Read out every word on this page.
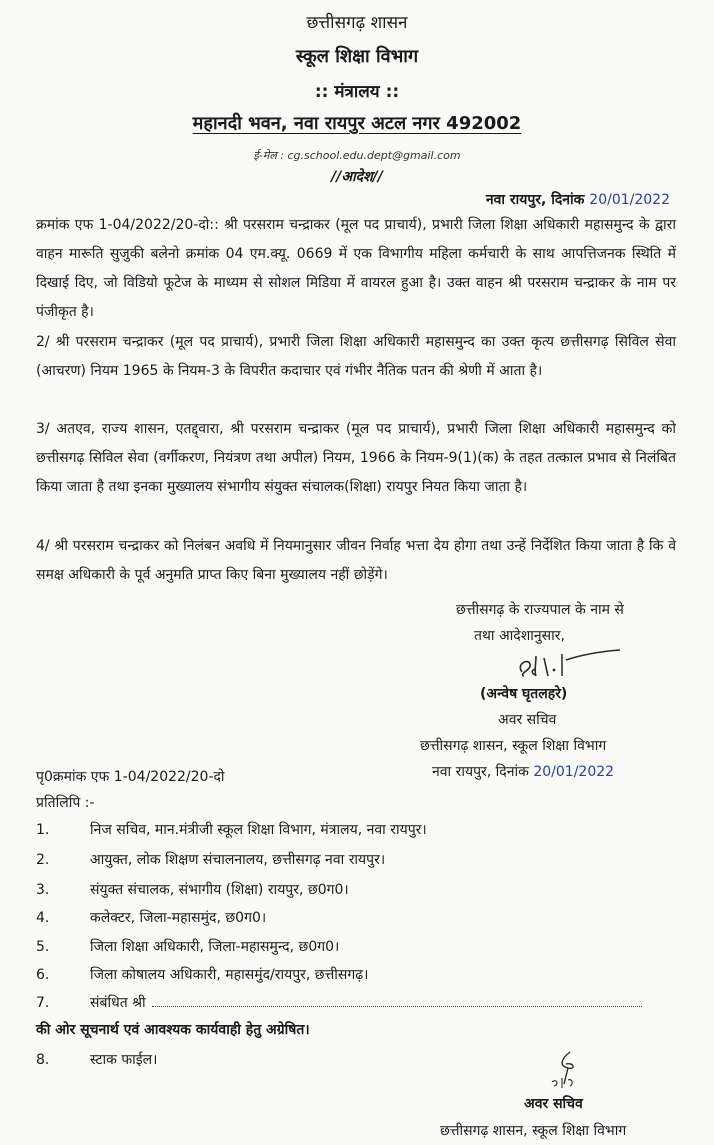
छत्तीसगढ़ शासन
स्कूल शिक्षा विभाग
:: मंत्रालय ::
महानदी भवन, नवा रायपुर अटल नगर 492002
ई-मेल : cg.school.edu.dept@gmail.com
//आदेश//
नवा रायपुर, दिनांक 20/01/2022
क्रमांक एफ 1-04/2022/20-दो:: श्री परसराम चन्द्राकर (मूल पद प्राचार्य), प्रभारी जिला शिक्षा अधिकारी महासमुन्द के द्वारा वाहन मारूति सुजुकी बलेनो क्रमांक 04 एम.क्यू. 0669 में एक विभागीय महिला कर्मचारी के साथ आपत्तिजनक स्थिति में दिखाई दिए, जो विडियो फूटेज के माध्यम से सोशल मिडिया में वायरल हुआ है। उक्त वाहन श्री परसराम चन्द्राकर के नाम पर पंजीकृत है।
2/ श्री परसराम चन्द्राकर (मूल पद प्राचार्य), प्रभारी जिला शिक्षा अधिकारी महासमुन्द का उक्त कृत्य छत्तीसगढ़ सिविल सेवा (आचरण) नियम 1965 के नियम-3 के विपरीत कदाचार एवं गंभीर नैतिक पतन की श्रेणी में आता है।
3/ अतएव, राज्य शासन, एतद्द्वारा, श्री परसराम चन्द्राकर (मूल पद प्राचार्य), प्रभारी जिला शिक्षा अधिकारी महासमुन्द को छत्तीसगढ़ सिविल सेवा (वर्गीकरण, नियंत्रण तथा अपील) नियम, 1966 के नियम-9(1)(क) के तहत तत्काल प्रभाव से निलंबित किया जाता है तथा इनका मुख्यालय संभागीय संयुक्त संचालक(शिक्षा) रायपुर नियत किया जाता है।
4/ श्री परसराम चन्द्राकर को निलंबन अवधि में नियमानुसार जीवन निर्वाह भत्ता देय होगा तथा उन्हें निर्देशित किया जाता है कि वे समक्ष अधिकारी के पूर्व अनुमति प्राप्त किए बिना मुख्यालय नहीं छोड़ेंगे।
छत्तीसगढ़ के राज्यपाल के नाम से
तथा आदेशानुसार,
(अन्वेष घृतलहरे)
अवर सचिव
छत्तीसगढ़ शासन, स्कूल शिक्षा विभाग
नवा रायपुर, दिनांक 20/01/2022
पृ0क्रमांक एफ 1-04/2022/20-दो
प्रतिलिपि :-
1.	निज सचिव, मान.मंत्रीजी स्कूल शिक्षा विभाग, मंत्रालय, नवा रायपुर।
2.	आयुक्त, लोक शिक्षण संचालनालय, छत्तीसगढ़ नवा रायपुर।
3.	संयुक्त संचालक, संभागीय (शिक्षा) रायपुर, छ0ग0।
4.	कलेक्टर, जिला-महासमुंद, छ0ग0।
5.	जिला शिक्षा अधिकारी, जिला-महासमुन्द, छ0ग0।
6.	जिला कोषालय अधिकारी, महासमुंद/रायपुर, छत्तीसगढ़।
7.	संबंधित श्री
की ओर सूचनार्थ एवं आवश्यक कार्यवाही हेतु अग्रेषित।
8.	स्टाक फाईल।
अवर सचिव
छत्तीसगढ़ शासन, स्कूल शिक्षा विभाग
